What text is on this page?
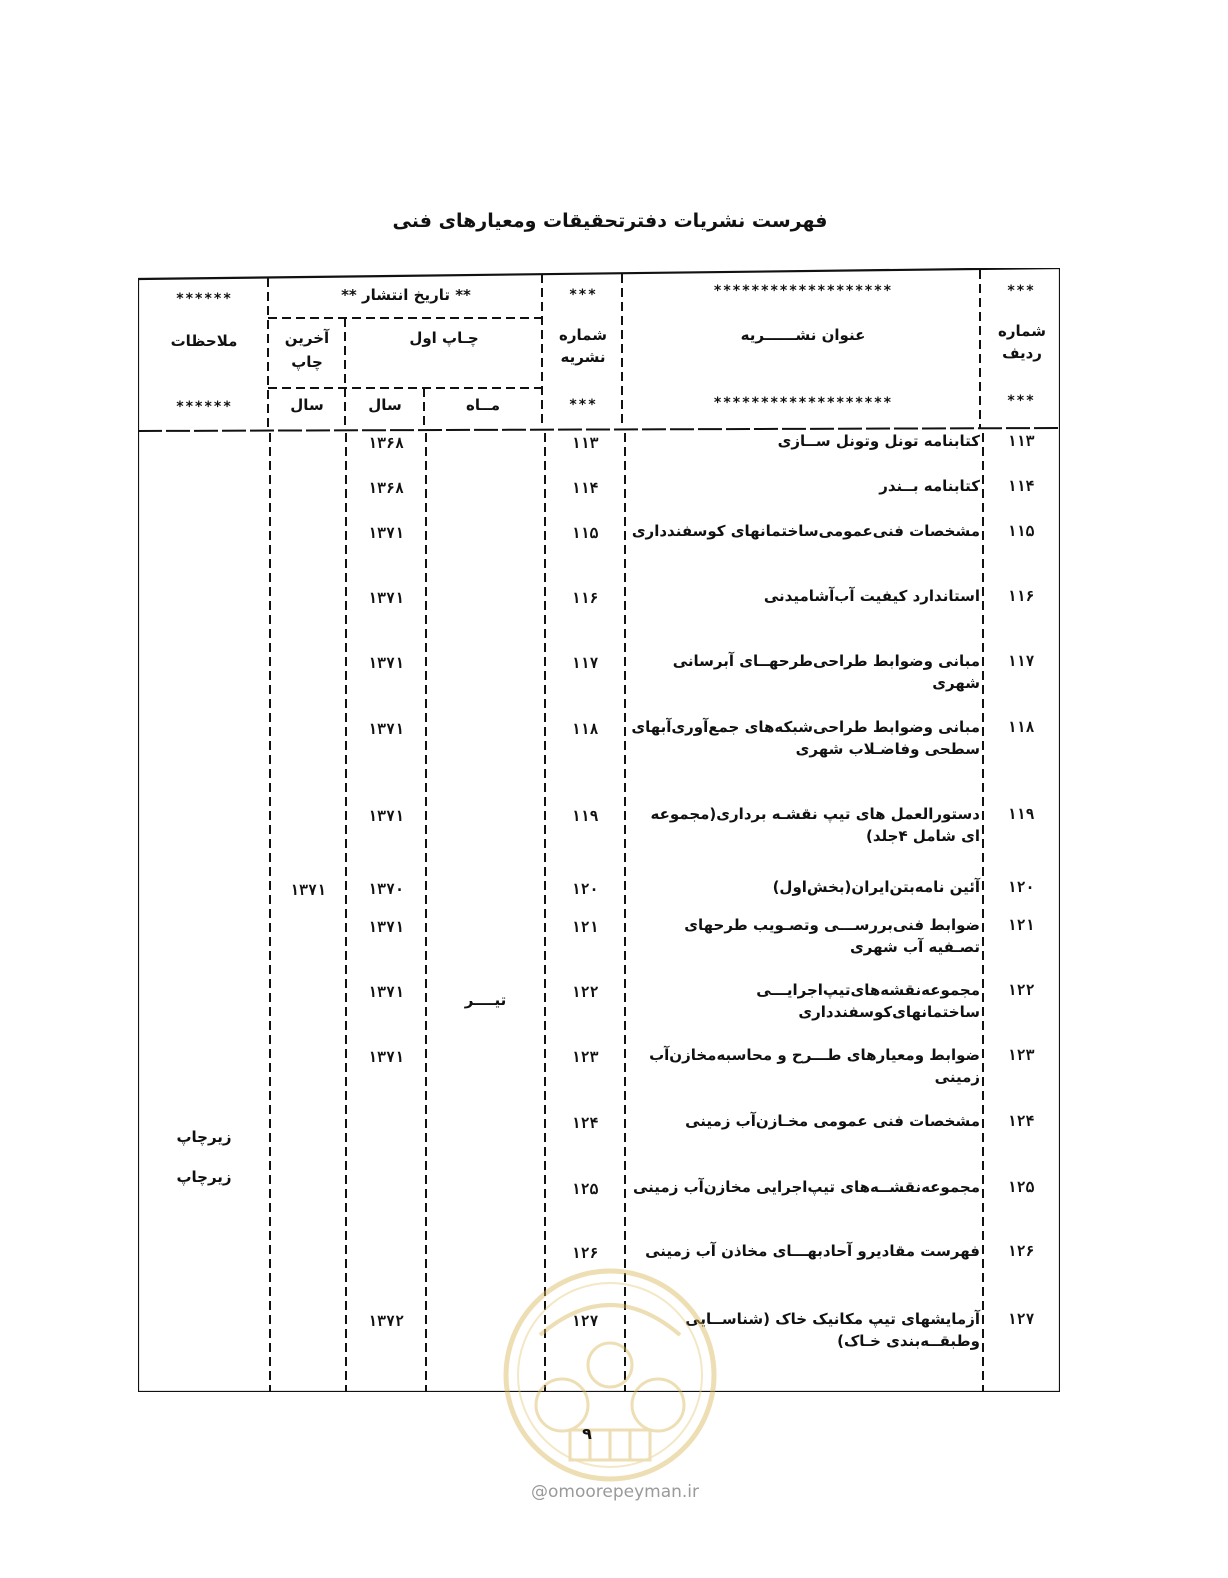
فهرست نشریات دفترتحقیقات ومعیارهای فنی
***
*******************
***
** تاریخ انتشار **
******
شماره ردیف
عنوان نشــــــریه
شماره نشریه
چـاپ اول
آخرین چاپ
ملاحظات
***
*******************
***
مــاه
سال
سال
******
۱۱۳
کتابنامه تونل وتونل ســازی
۱۱۳
۱۳۶۸
۱۱۴
کتابنامه بــندر
۱۱۴
۱۳۶۸
۱۱۵
مشخصات فنی‌عمومی‌ساختمانهای کوسفندداری
۱۱۵
۱۳۷۱
۱۱۶
استاندارد کیفیت آب‌آشامیدنی
۱۱۶
۱۳۷۱
۱۱۷
مبانی وضوابط طراحی‌طرحهــای آبرسانی شهری
۱۱۷
۱۳۷۱
۱۱۸
مبانی وضوابط طراحی‌شبکه‌های جمع‌آوری‌آبهای سطحی وفاضـلاب شهری
۱۱۸
۱۳۷۱
۱۱۹
دستورالعمل های تیپ نقشـه برداری(مجموعه ای شامل ۴جلد)
۱۱۹
۱۳۷۱
۱۲۰
آئین نامه‌بتن‌ایران(بخش‌اول)
۱۲۰
۱۳۷۰
۱۲۱
ضوابط فنی‌بررســـی وتصـویب طرحهای تصـفیه آب شهری
۱۲۱
۱۳۷۱
۱۲۲
مجموعه‌نقشه‌های‌تیپ‌اجرایـــی ساختمانهای‌کوسفندداری
۱۲۲
۱۳۷۱
۱۲۳
ضوابط ومعیارهای طـــرح و محاسبه‌مخازن‌آب زمینی
۱۲۳
۱۳۷۱
۱۲۴
مشخصات فنی عمومی مخـازن‌آب زمینی
۱۲۴
۱۲۵
مجموعه‌نقشــه‌های تیپ‌اجرایی مخازن‌آب زمینی
۱۲۵
۱۲۶
فهرست مقادیرو آحادبهـــای مخاذن آب زمینی
۱۲۶
۱۲۷
آزمایشهای تیپ مکانیک خاک (شناســایی وطبقــه‌بندی خـاک)
۱۲۷
۱۳۷۲
تیــــر
۱۳۷۱
زیرچاپ
زیرچاپ
۹
@omoorepeyman.ir
